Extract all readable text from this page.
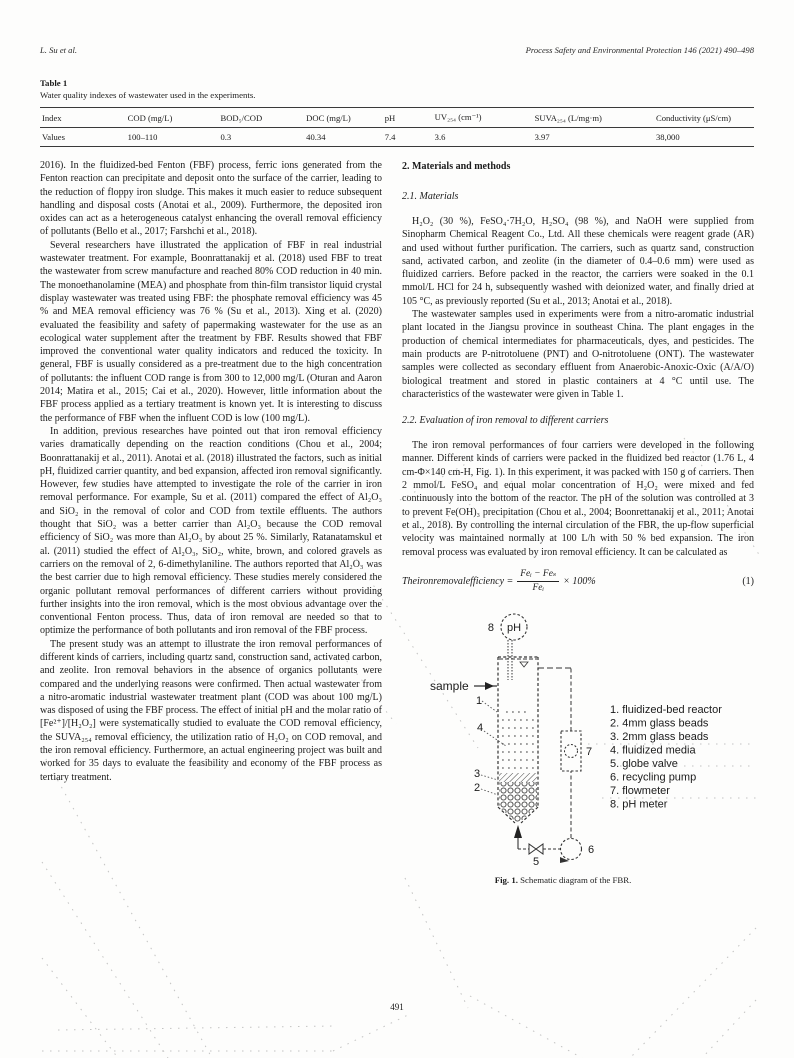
L. Su et al.	Process Safety and Environmental Protection 146 (2021) 490–498
Table 1
Water quality indexes of wastewater used in the experiments.
Index	COD (mg/L)	BOD₅/COD	DOC (mg/L)	pH	UV₂₅₄ (cm⁻¹)	SUVA₂₅₄ (L/mg·m)	Conductivity (μS/cm)
Values	100–110	0.3	40.34	7.4	3.6	3.97	38,000

2016). In the fluidized-bed Fenton (FBF) process, ferric ions generated from the Fenton reaction can precipitate and deposit onto the surface of the carrier, leading to the reduction of floppy iron sludge. This makes it much easier to reduce subsequent handling and disposal costs (Anotai et al., 2009). Furthermore, the deposited iron oxides can act as a heterogeneous catalyst enhancing the overall removal efficiency of pollutants (Bello et al., 2017; Farshchi et al., 2018).

Several researchers have illustrated the application of FBF in real industrial wastewater treatment. For example, Boonrattanakij et al. (2018) used FBF to treat the wastewater from screw manufacture and reached 80% COD reduction in 40 min. The monoethanolamine (MEA) and phosphate from thin-film transistor liquid crystal display wastewater was treated using FBF: the phosphate removal efficiency was 45 % and MEA removal efficiency was 76 % (Su et al., 2013). Xing et al. (2020) evaluated the feasibility and safety of papermaking wastewater for the use as an ecological water supplement after the treatment by FBF. Results showed that FBF improved the conventional water quality indicators and reduced the toxicity. In general, FBF is usually considered as a pre-treatment due to the high concentration of pollutants: the influent COD range is from 300 to 12,000 mg/L (Oturan and Aaron 2014; Matira et al., 2015; Cai et al., 2020). However, little information about the FBF process applied as a tertiary treatment is known yet. It is interesting to discuss the performance of FBF when the influent COD is low (100 mg/L).

In addition, previous researches have pointed out that iron removal efficiency varies dramatically depending on the reaction conditions (Chou et al., 2004; Boonrattanakij et al., 2011). Anotai et al. (2018) illustrated the factors, such as initial pH, fluidized carrier quantity, and bed expansion, affected iron removal significantly. However, few studies have attempted to investigate the role of the carrier in iron removal performance. For example, Su et al. (2011) compared the effect of Al₂O₃ and SiO₂ in the removal of color and COD from textile effluents. The authors thought that SiO₂ was a better carrier than Al₂O₃ because the COD removal efficiency of SiO₂ was more than Al₂O₃ by about 25 %. Similarly, Ratanatamskul et al. (2011) studied the effect of Al₂O₃, SiO₂, white, brown, and colored gravels as carriers on the removal of 2, 6-dimethylaniline. The authors reported that Al₂O₃ was the best carrier due to high removal efficiency. These studies merely considered the organic pollutant removal performances of different carriers without providing further insights into the iron removal, which is the most obvious advantage over the conventional Fenton process. Thus, data of iron removal are needed so that to optimize the performance of both pollutants and iron removal of the FBF process.

The present study was an attempt to illustrate the iron removal performances of different kinds of carriers, including quartz sand, construction sand, activated carbon, and zeolite. Iron removal behaviors in the absence of organics pollutants were compared and the underlying reasons were confirmed. Then actual wastewater from a nitro-aromatic industrial wastewater treatment plant (COD was about 100 mg/L) was disposed of using the FBF process. The effect of initial pH and the molar ratio of [Fe²⁺]/[H₂O₂] were systematically studied to evaluate the COD removal efficiency, the SUVA₂₅₄ removal efficiency, the utilization ratio of H₂O₂ on COD removal, and the iron removal efficiency. Furthermore, an actual engineering project was built and worked for 35 days to evaluate the feasibility and economy of the FBF process as tertiary treatment.

2. Materials and methods
2.1. Materials

H₂O₂ (30 %), FeSO₄·7H₂O, H₂SO₄ (98 %), and NaOH were supplied from Sinopharm Chemical Reagent Co., Ltd. All these chemicals were reagent grade (AR) and used without further purification. The carriers, such as quartz sand, construction sand, activated carbon, and zeolite (in the diameter of 0.4–0.6 mm) were used as fluidized carriers. Before packed in the reactor, the carriers were soaked in the 0.1 mmol/L HCl for 24 h, subsequently washed with deionized water, and finally dried at 105 °C, as previously reported (Su et al., 2013; Anotai et al., 2018).

The wastewater samples used in experiments were from a nitro-aromatic industrial plant located in the Jiangsu province in southeast China. The plant engages in the production of chemical intermediates for pharmaceuticals, dyes, and pesticides. The main products are P-nitrotoluene (PNT) and O-nitrotoluene (ONT). The wastewater samples were collected as secondary effluent from Anaerobic-Anoxic-Oxic (A/A/O) biological treatment and stored in plastic containers at 4 °C until use. The characteristics of the wastewater were given in Table 1.

2.2. Evaluation of iron removal to different carriers

The iron removal performances of four carriers were developed in the following manner. Different kinds of carriers were packed in the fluidized bed reactor (1.76 L, 4 cm-Φ×140 cm-H, Fig. 1). In this experiment, it was packed with 150 g of carriers. Then 2 mmol/L FeSO₄ and equal molar concentration of H₂O₂ were mixed and fed continuously into the bottom of the reactor. The pH of the solution was controlled at 3 to prevent Fe(OH)₃ precipitation (Chou et al., 2004; Boonrettanakij et al., 2011; Anotai et al., 2018). By controlling the internal circulation of the FBR, the up-flow superficial velocity was maintained normally at 100 L/h with 50 % bed expansion. The iron removal process was evaluated by iron removal efficiency. It can be calculated as

Theironremovalefficiency = $\frac{\text{Feᵢ − Feₛ}}{\text{Feᵢ}} \times 100\%$	(1)
8 pH
sample
1
4
3
2
5
6
7
1. fluidized-bed reactor
2. 4mm glass beads
3. 2mm glass beads
4. fluidized media
5. globe valve
6. recycling pump
7. flowmeter
8. pH meter
Fig. 1. Schematic diagram of the FBR.
491
